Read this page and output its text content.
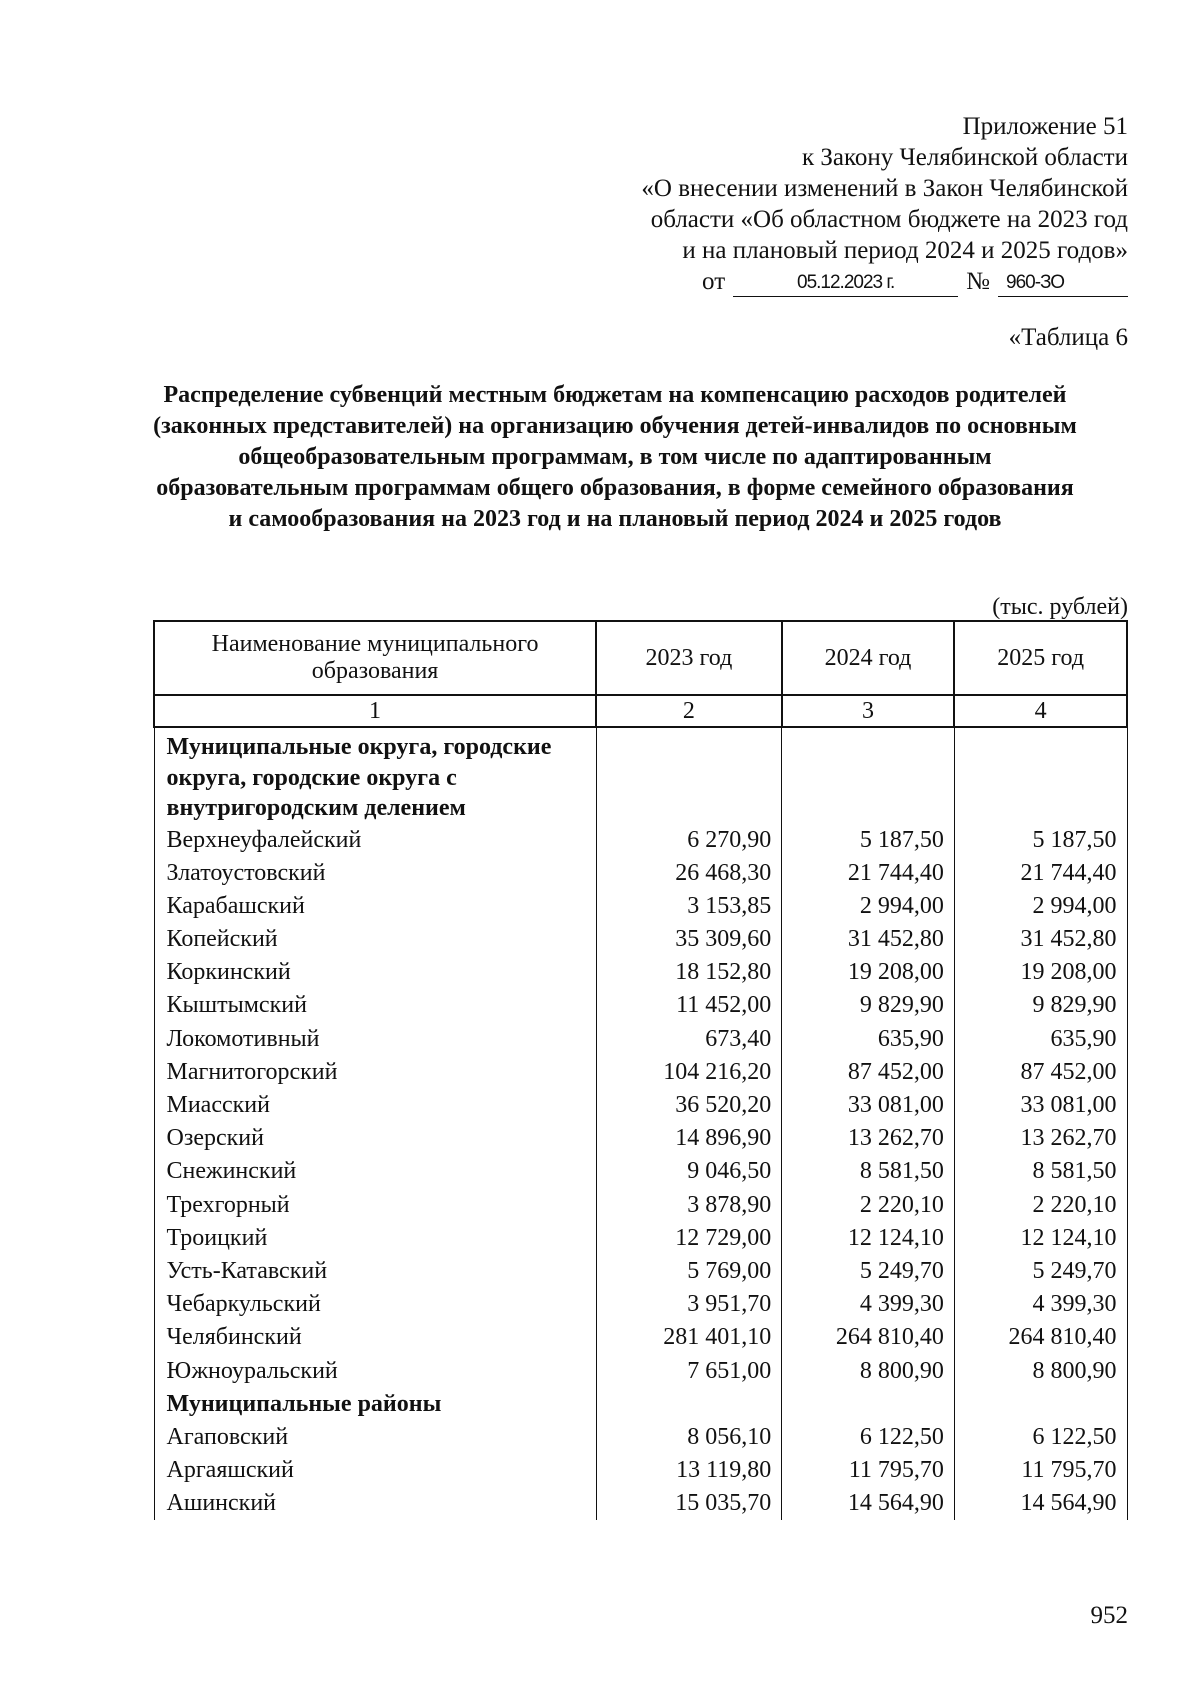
Приложение 51
к Закону Челябинской области
«О внесении изменений в Закон Челябинской
области «Об областном бюджете на 2023 год
и на плановый период 2024 и 2025 годов»
от	05.12.2023 г.	№ 960-ЗО
«Таблица 6
Распределение субвенций местным бюджетам на компенсацию расходов родителей (законных представителей) на организацию обучения детей-инвалидов по основным общеобразовательным программам, в том числе по адаптированным образовательным программам общего образования, в форме семейного образования и самообразования на 2023 год и на плановый период 2024 и 2025 годов
(тыс. рублей)
Наименование муниципального образования	2023 год	2024 год	2025 год
1	2	3	4
Муниципальные округа, городские округа, городские округа с внутригородским делением			
Верхнеуфалейский	6 270,90	5 187,50	5 187,50
Златоустовский	26 468,30	21 744,40	21 744,40
Карабашский	3 153,85	2 994,00	2 994,00
Копейский	35 309,60	31 452,80	31 452,80
Коркинский	18 152,80	19 208,00	19 208,00
Кыштымский	11 452,00	9 829,90	9 829,90
Локомотивный	673,40	635,90	635,90
Магнитогорский	104 216,20	87 452,00	87 452,00
Миасский	36 520,20	33 081,00	33 081,00
Озерский	14 896,90	13 262,70	13 262,70
Снежинский	9 046,50	8 581,50	8 581,50
Трехгорный	3 878,90	2 220,10	2 220,10
Троицкий	12 729,00	12 124,10	12 124,10
Усть-Катавский	5 769,00	5 249,70	5 249,70
Чебаркульский	3 951,70	4 399,30	4 399,30
Челябинский	281 401,10	264 810,40	264 810,40
Южноуральский	7 651,00	8 800,90	8 800,90
Муниципальные районы			
Агаповский	8 056,10	6 122,50	6 122,50
Аргаяшский	13 119,80	11 795,70	11 795,70
Ашинский	15 035,70	14 564,90	14 564,90
952
